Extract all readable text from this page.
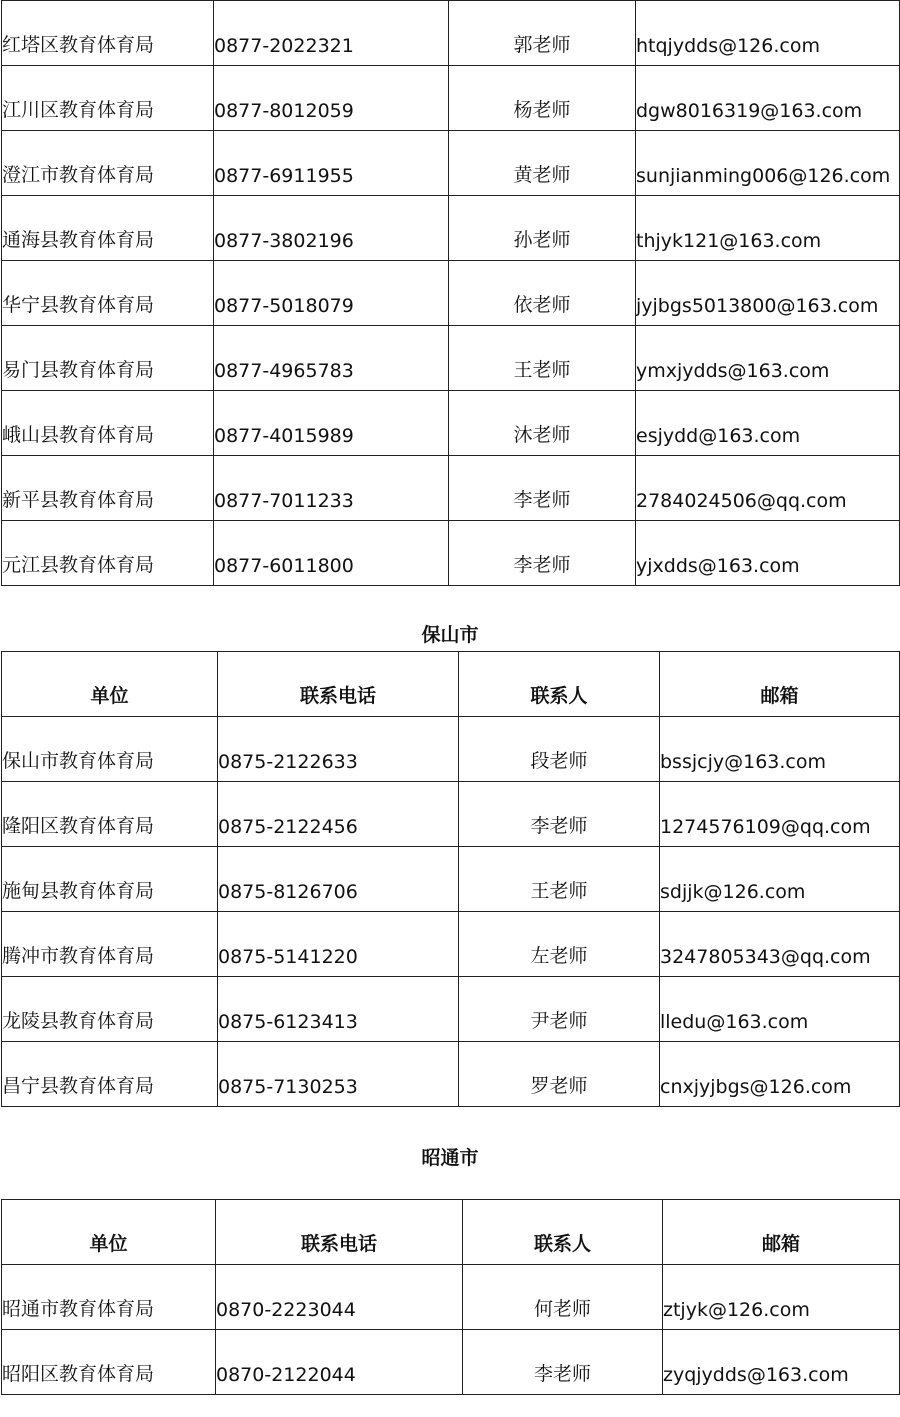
红塔区教育体育局	0877-2022321	郭老师	htqjydds@126.com
江川区教育体育局	0877-8012059	杨老师	dgw8016319@163.com
澄江市教育体育局	0877-6911955	黄老师	sunjianming006@126.com
通海县教育体育局	0877-3802196	孙老师	thjyk121@163.com
华宁县教育体育局	0877-5018079	依老师	jyjbgs5013800@163.com
易门县教育体育局	0877-4965783	王老师	ymxjydds@163.com
峨山县教育体育局	0877-4015989	沐老师	esjydd@163.com
新平县教育体育局	0877-7011233	李老师	2784024506@qq.com
元江县教育体育局	0877-6011800	李老师	yjxdds@163.com
保山市
单位	联系电话	联系人	邮箱
保山市教育体育局	0875-2122633	段老师	bssjcjy@163.com
隆阳区教育体育局	0875-2122456	李老师	1274576109@qq.com
施甸县教育体育局	0875-8126706	王老师	sdjjk@126.com
腾冲市教育体育局	0875-5141220	左老师	3247805343@qq.com
龙陵县教育体育局	0875-6123413	尹老师	lledu@163.com
昌宁县教育体育局	0875-7130253	罗老师	cnxjyjbgs@126.com
昭通市
单位	联系电话	联系人	邮箱
昭通市教育体育局	0870-2223044	何老师	ztjyk@126.com
昭阳区教育体育局	0870-2122044	李老师	zyqjydds@163.com
